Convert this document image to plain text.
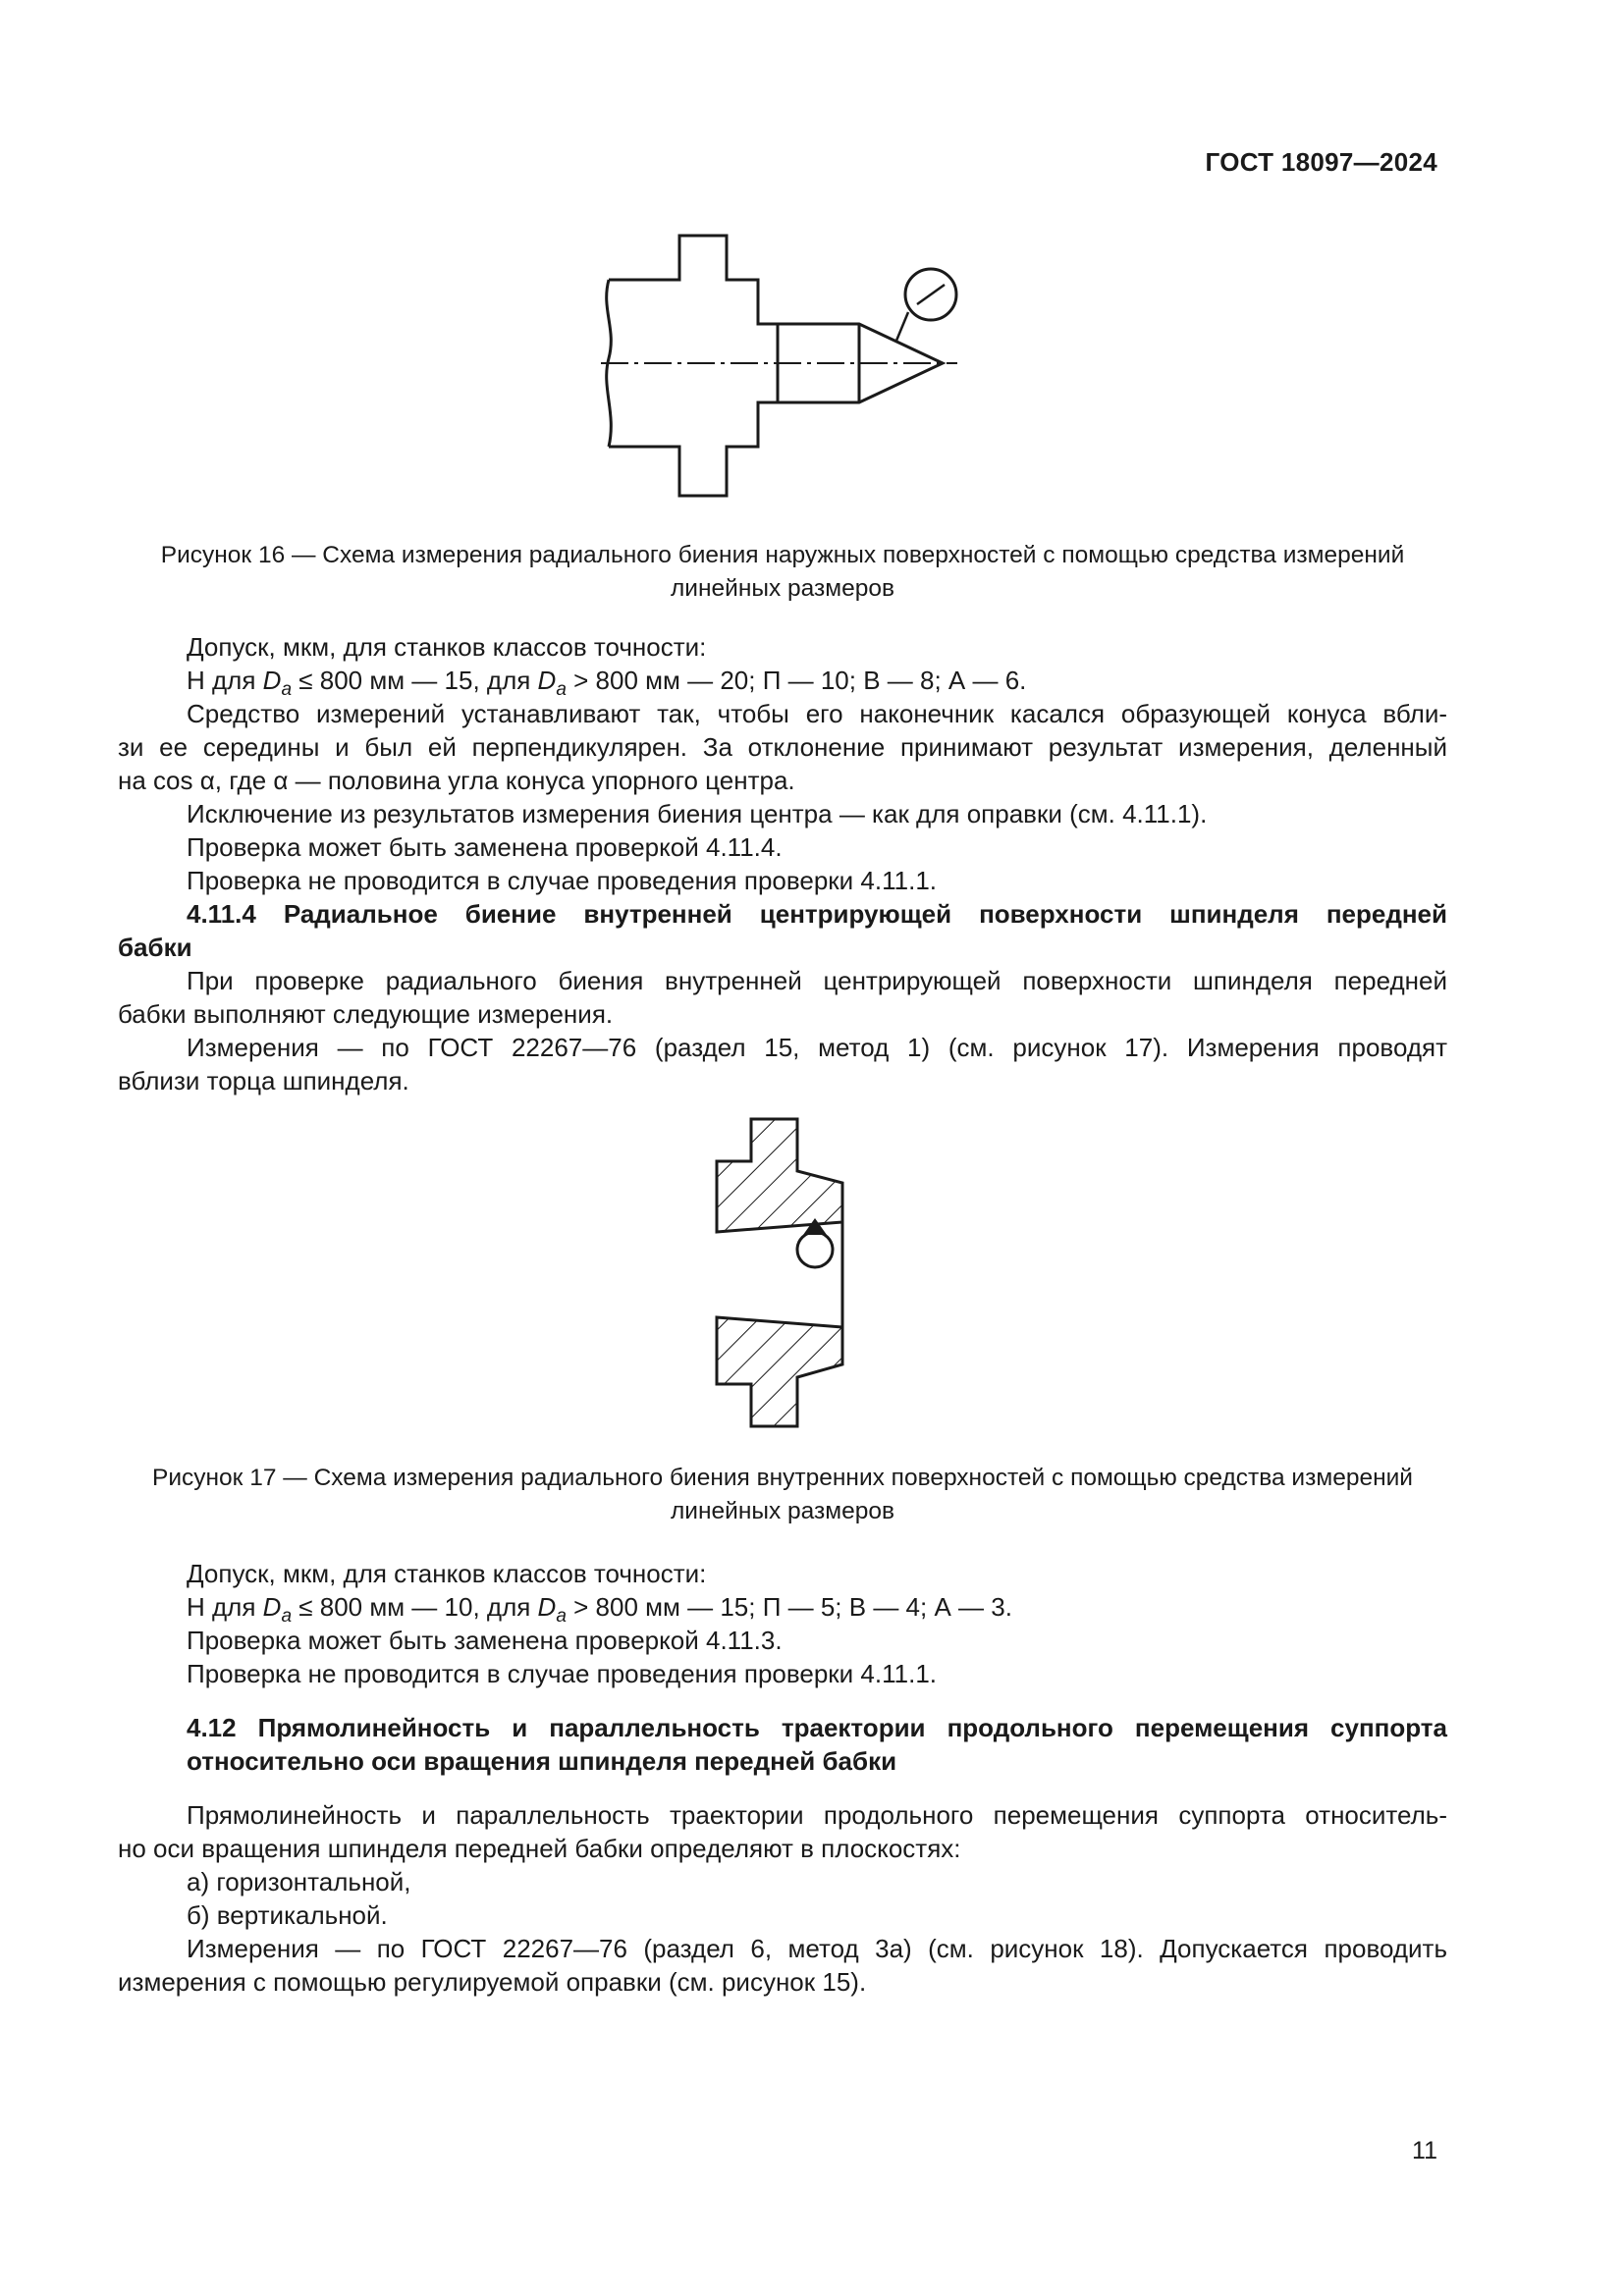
ГОСТ 18097—2024
Рисунок 16 — Схема измерения радиального биения наружных поверхностей с помощью средства измерений
линейных размеров
Допуск, мкм, для станков классов точности:
Н для $D_a \le 800$ мм — 15, для $D_a > 800$ мм — 20; П — 10; В — 8; А — 6.
Средство измерений устанавливают так, чтобы его наконечник касался образующей конуса вбли-
зи ее середины и был ей перпендикулярен. За отклонение принимают результат измерения, деленный
на cos α, где α — половина угла конуса упорного центра.
Исключение из результатов измерения биения центра — как для оправки (см. 4.11.1).
Проверка может быть заменена проверкой 4.11.4.
Проверка не проводится в случае проведения проверки 4.11.1.
4.11.4 Радиальное биение внутренней центрирующей поверхности шпинделя передней
бабки
При проверке радиального биения внутренней центрирующей поверхности шпинделя передней
бабки выполняют следующие измерения.
Измерения — по ГОСТ 22267—76 (раздел 15, метод 1) (см. рисунок 17). Измерения проводят
вблизи торца шпинделя.
Рисунок 17 — Схема измерения радиального биения внутренних поверхностей с помощью средства измерений
линейных размеров
Допуск, мкм, для станков классов точности:
Н для $D_a \le 800$ мм — 10, для $D_a > 800$ мм — 15; П — 5; В — 4; А — 3.
Проверка может быть заменена проверкой 4.11.3.
Проверка не проводится в случае проведения проверки 4.11.1.
4.12 Прямолинейность и параллельность траектории продольного перемещения суппорта
относительно оси вращения шпинделя передней бабки
Прямолинейность и параллельность траектории продольного перемещения суппорта относитель-
но оси вращения шпинделя передней бабки определяют в плоскостях:
а) горизонтальной,
б) вертикальной.
Измерения — по ГОСТ 22267—76 (раздел 6, метод 3а) (см. рисунок 18). Допускается проводить
измерения с помощью регулируемой оправки (см. рисунок 15).
11
